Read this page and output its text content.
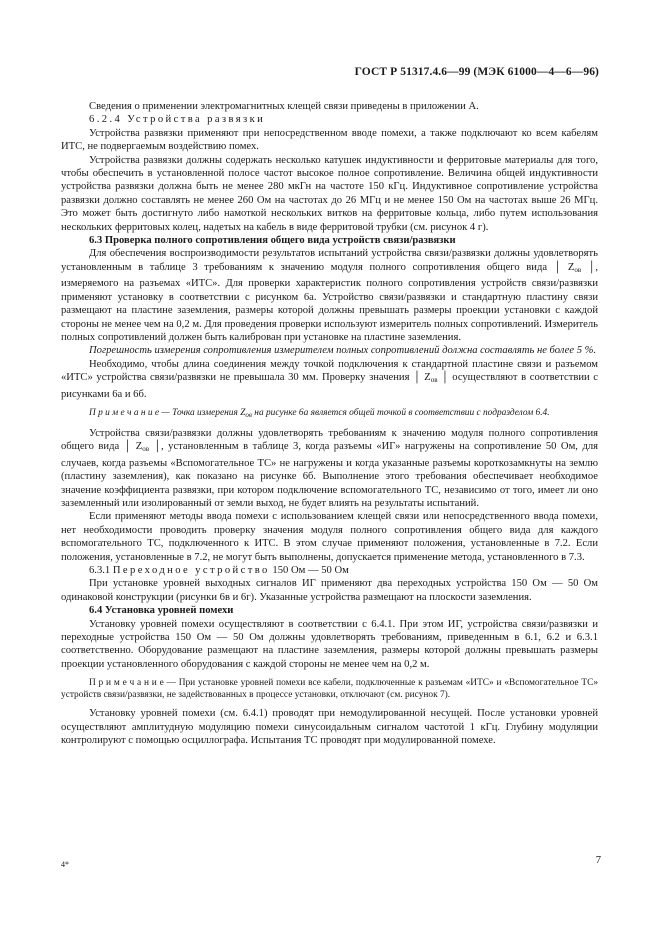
ГОСТ Р 51317.4.6—99 (МЭК 61000—4—6—96)

Сведения о применении электромагнитных клещей связи приведены в приложении А.

6.2.4 Устройства развязки

Устройства развязки применяют при непосредственном вводе помехи, а также подключают ко всем кабелям ИТС, не подвергаемым воздействию помех.

Устройства развязки должны содержать несколько катушек индуктивности и ферритовые материалы для того, чтобы обеспечить в установленной полосе частот высокое полное сопротивление. Величина общей индуктивности устройства развязки должна быть не менее 280 мкГн на частоте 150 кГц. Индуктивное сопротивление устройства развязки должно составлять не менее 260 Ом на частотах до 26 МГц и не менее 150 Ом на частотах выше 26 МГц. Это может быть достигнуто либо намоткой нескольких витков на ферритовые кольца, либо путем использования нескольких ферритовых колец, надетых на кабель в виде ферритовой трубки (см. рисунок 4 г).

6.3 Проверка полного сопротивления общего вида устройств связи/развязки

Для обеспечения воспроизводимости результатов испытаний устройства связи/развязки должны удовлетворять установленным в таблице 3 требованиям к значению модуля полного сопротивления общего вида │ $Z_{ов}$ │, измеряемого на разъемах «ИТС». Для проверки характеристик полного сопротивления устройств связи/развязки применяют установку в соответствии с рисунком 6а. Устройство связи/развязки и стандартную пластину связи размещают на пластине заземления, размеры которой должны превышать размеры проекции установки с каждой стороны не менее чем на 0,2 м. Для проведения проверки используют измеритель полных сопротивлений. Измеритель полных сопротивлений должен быть калиброван при установке на пластине заземления.

Погрешность измерения сопротивления измерителем полных сопротивлений должна составлять не более 5 %.

Необходимо, чтобы длина соединения между точкой подключения к стандартной пластине связи и разъемом «ИТС» устройства связи/развязки не превышала 30 мм. Проверку значения │ $Z_{ов}$ │ осуществляют в соответствии с рисунками 6а и 6б.

П р и м е ч а н и е — Точка измерения $Z_{ов}$ на рисунке 6а является общей точкой в соответствии с подразделом 6.4.

Устройства связи/развязки должны удовлетворять требованиям к значению модуля полного сопротивления общего вида │ $Z_{ов}$ │, установленным в таблице 3, когда разъемы «ИГ» нагружены на сопротивление 50 Ом, для случаев, когда разъемы «Вспомогательное ТС» не нагружены и когда указанные разъемы короткозамкнуты на землю (пластину заземления), как показано на рисунке 6б. Выполнение этого требования обеспечивает необходимое значение коэффициента развязки, при котором подключение вспомогательного ТС, независимо от того, имеет ли оно заземленный или изолированный от земли выход, не будет влиять на результаты испытаний.

Если применяют методы ввода помехи с использованием клещей связи или непосредственного ввода помехи, нет необходимости проводить проверку значения модуля полного сопротивления общего вида для каждого вспомогательного ТС, подключенного к ИТС. В этом случае применяют положения, установленные в 7.2. Если положения, установленные в 7.2, не могут быть выполнены, допускается применение метода, установленного в 7.3.

6.3.1 Переходное устройство 150 Ом — 50 Ом

При установке уровней выходных сигналов ИГ применяют два переходных устройства 150 Ом — 50 Ом одинаковой конструкции (рисунки 6в и 6г). Указанные устройства размещают на плоскости заземления.

6.4 Установка уровней помехи

Установку уровней помехи осуществляют в соответствии с 6.4.1. При этом ИГ, устройства связи/развязки и переходные устройства 150 Ом — 50 Ом должны удовлетворять требованиям, приведенным в 6.1, 6.2 и 6.3.1 соответственно. Оборудование размещают на пластине заземления, размеры которой должны превышать размеры проекции установленного оборудования с каждой стороны не менее чем на 0,2 м.

П р и м е ч а н и е — При установке уровней помехи все кабели, подключенные к разъемам «ИТС» и «Вспомогательное ТС» устройств связи/развязки, не задействованных в процессе установки, отключают (см. рисунок 7).

Установку уровней помехи (см. 6.4.1) проводят при немодулированной несущей. После установки уровней осуществляют амплитудную модуляцию помехи синусоидальным сигналом частотой 1 кГц. Глубину модуляции контролируют с помощью осциллографа. Испытания ТС проводят при модулированной помехе.

4*	7
